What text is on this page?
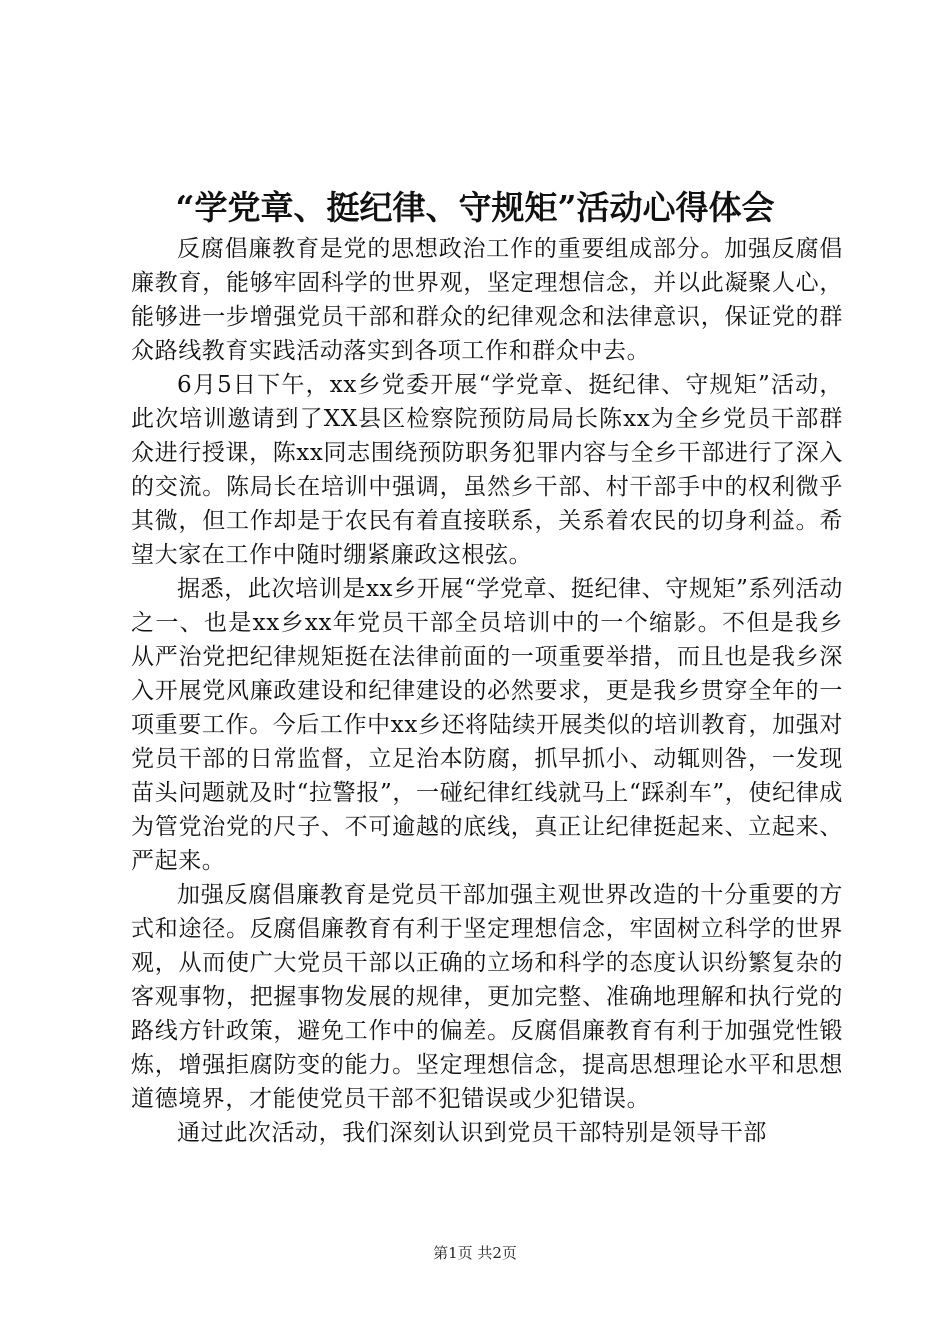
“学党章、挺纪律、守规矩”活动心得体会

反腐倡廉教育是党的思想政治工作的重要组成部分。加强反腐倡廉教育，能够牢固科学的世界观，坚定理想信念，并以此凝聚人心，能够进一步增强党员干部和群众的纪律观念和法律意识，保证党的群众路线教育实践活动落实到各项工作和群众中去。

6月5日下午，xx乡党委开展“学党章、挺纪律、守规矩”活动，此次培训邀请到了XX县区检察院预防局局长陈xx为全乡党员干部群众进行授课，陈xx同志围绕预防职务犯罪内容与全乡干部进行了深入的交流。陈局长在培训中强调，虽然乡干部、村干部手中的权利微乎其微，但工作却是于农民有着直接联系，关系着农民的切身利益。希望大家在工作中随时绷紧廉政这根弦。

据悉，此次培训是xx乡开展“学党章、挺纪律、守规矩”系列活动之一、也是xx乡xx年党员干部全员培训中的一个缩影。不但是我乡从严治党把纪律规矩挺在法律前面的一项重要举措，而且也是我乡深入开展党风廉政建设和纪律建设的必然要求，更是我乡贯穿全年的一项重要工作。今后工作中xx乡还将陆续开展类似的培训教育，加强对党员干部的日常监督，立足治本防腐，抓早抓小、动辄则咎，一发现苗头问题就及时“拉警报”，一碰纪律红线就马上“踩刹车”，使纪律成为管党治党的尺子、不可逾越的底线，真正让纪律挺起来、立起来、严起来。

加强反腐倡廉教育是党员干部加强主观世界改造的十分重要的方式和途径。反腐倡廉教育有利于坚定理想信念，牢固树立科学的世界观，从而使广大党员干部以正确的立场和科学的态度认识纷繁复杂的客观事物，把握事物发展的规律，更加完整、准确地理解和执行党的路线方针政策，避免工作中的偏差。反腐倡廉教育有利于加强党性锻炼，增强拒腐防变的能力。坚定理想信念，提高思想理论水平和思想道德境界，才能使党员干部不犯错误或少犯错误。

通过此次活动，我们深刻认识到党员干部特别是领导干部

第1页 共2页
